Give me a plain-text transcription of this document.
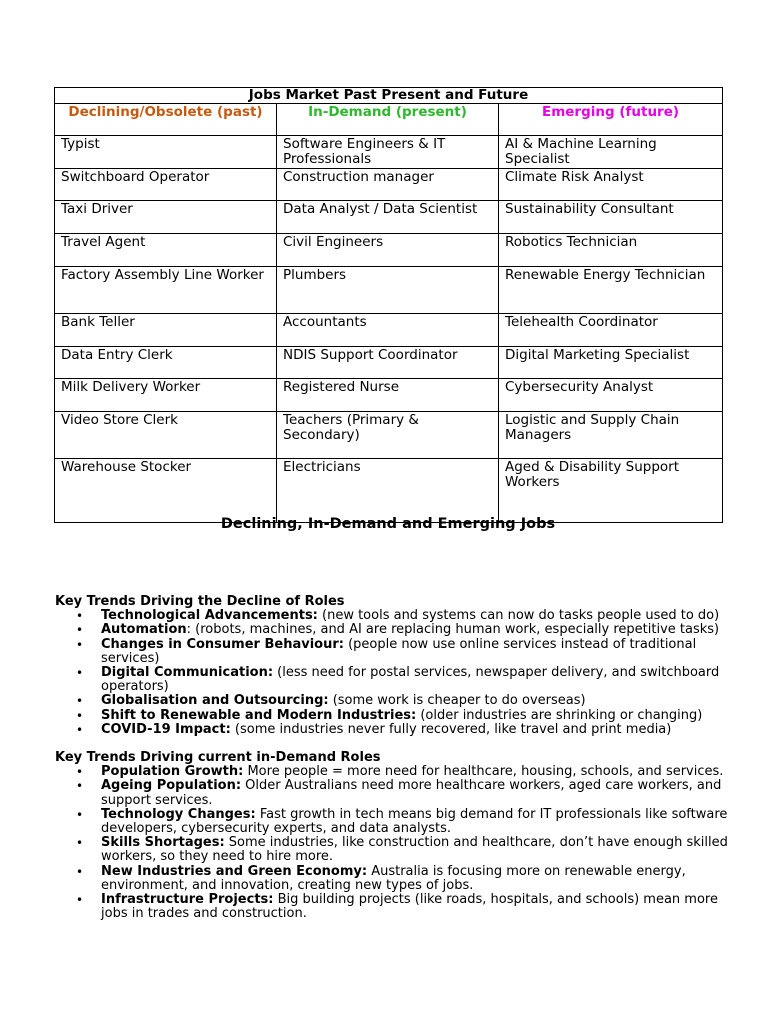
Jobs Market Past Present and Future		
Declining/Obsolete (past)	In-Demand (present)	Emerging (future)
Typist	Software Engineers & IT Professionals	AI & Machine Learning Specialist
Switchboard Operator	Construction manager	Climate Risk Analyst
Taxi Driver	Data Analyst / Data Scientist	Sustainability Consultant
Travel Agent	Civil Engineers	Robotics Technician
Factory Assembly Line Worker	Plumbers	Renewable Energy Technician
Bank Teller	Accountants	Telehealth Coordinator
Data Entry Clerk	NDIS Support Coordinator	Digital Marketing Specialist
Milk Delivery Worker	Registered Nurse	Cybersecurity Analyst
Video Store Clerk	Teachers (Primary & Secondary)	Logistic and Supply Chain Managers
Warehouse Stocker	Electricians	Aged & Disability Support Workers
Declining, In-Demand and Emerging Jobs
Key Trends Driving the Decline of Roles
• Technological Advancements: (new tools and systems can now do tasks people used to do)
• Automation: (robots, machines, and AI are replacing human work, especially repetitive tasks)
• Changes in Consumer Behaviour: (people now use online services instead of traditional services)
• Digital Communication: (less need for postal services, newspaper delivery, and switchboard operators)
• Globalisation and Outsourcing: (some work is cheaper to do overseas)
• Shift to Renewable and Modern Industries: (older industries are shrinking or changing)
• COVID-19 Impact: (some industries never fully recovered, like travel and print media)
Key Trends Driving current in-Demand Roles
• Population Growth: More people = more need for healthcare, housing, schools, and services.
• Ageing Population: Older Australians need more healthcare workers, aged care workers, and support services.
• Technology Changes: Fast growth in tech means big demand for IT professionals like software developers, cybersecurity experts, and data analysts.
• Skills Shortages: Some industries, like construction and healthcare, don’t have enough skilled workers, so they need to hire more.
• New Industries and Green Economy: Australia is focusing more on renewable energy, environment, and innovation, creating new types of jobs.
• Infrastructure Projects: Big building projects (like roads, hospitals, and schools) mean more jobs in trades and construction.
